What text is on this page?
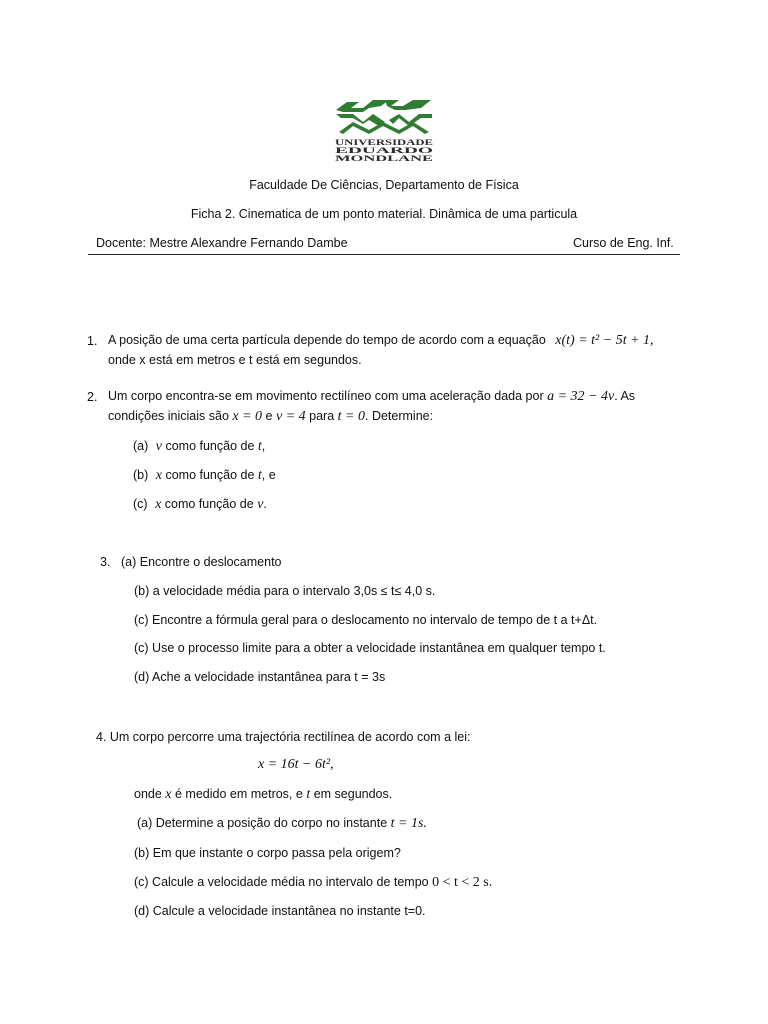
UNIVERSIDADE
EDUARDO
MONDLANE
Faculdade De Ciências, Departamento de Física
Ficha 2. Cinematica de um ponto material. Dinâmica de uma particula
Docente: Mestre Alexandre Fernando Dambe	Curso de Eng. Inf.
1. A posição de uma certa partícula depende do tempo de acordo com a equação x(t) = t² − 5t + 1,
onde x está em metros e t está em segundos.
2. Um corpo encontra-se em movimento rectilíneo com uma aceleração dada por a = 32 − 4v. As
condições iniciais são x = 0 e v = 4 para t = 0. Determine:
(a) v como função de t,
(b) x como função de t, e
(c) x como função de v.
3. (a) Encontre o deslocamento
(b) a velocidade média para o intervalo 3,0s ≤ t≤ 4,0 s.
(c) Encontre a fórmula geral para o deslocamento no intervalo de tempo de t a t+Δt.
(c) Use o processo limite para a obter a velocidade instantânea em qualquer tempo t.
(d) Ache a velocidade instantânea para t = 3s
4. Um corpo percorre uma trajectória rectilínea de acordo com a lei:
x = 16t − 6t²,
onde x é medido em metros, e t em segundos.
(a) Determine a posição do corpo no instante t = 1s.
(b) Em que instante o corpo passa pela origem?
(c) Calcule a velocidade média no intervalo de tempo 0 < t < 2 s.
(d) Calcule a velocidade instantânea no instante t=0.
